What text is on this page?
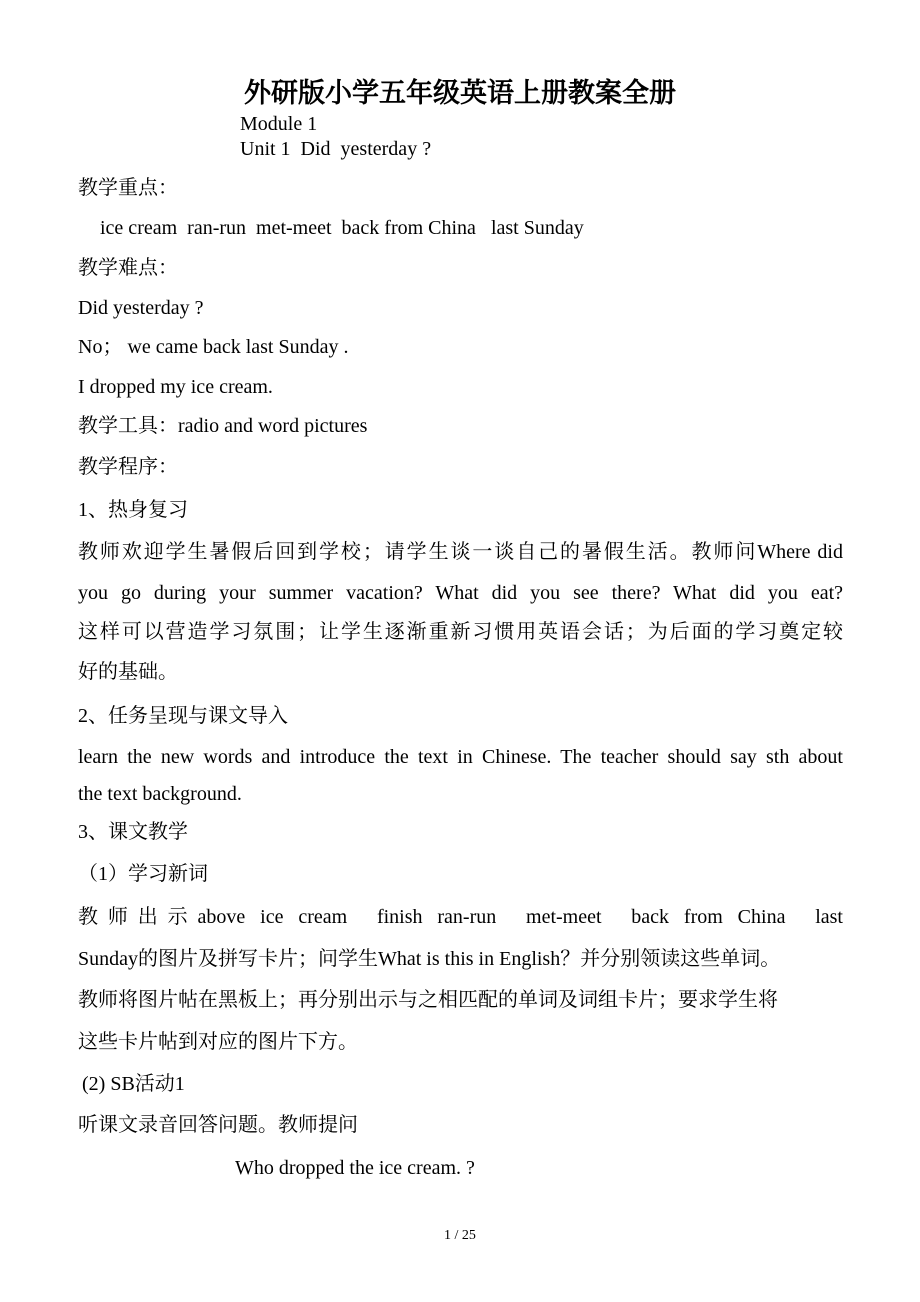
外研版小学五年级英语上册教案全册
Module 1
Unit 1  Did  yesterday ?
教学重点：
ice cream  ran-run  met-meet  back from China   last Sunday
教学难点：
Did yesterday ?
No； we came back last Sunday .
I dropped my ice cream.
教学工具：radio and word pictures
教学程序：
1、热身复习
教师欢迎学生暑假后回到学校；请学生谈一谈自己的暑假生活。教师问Where did
you go during your summer vacation? What did you see there? What did you eat?
这样可以营造学习氛围；让学生逐渐重新习惯用英语会话；为后面的学习奠定较
好的基础。
2、任务呈现与课文导入
learn the new words and introduce the text in Chinese. The teacher should say sth about
the text background.
3、课文教学
（1）学习新词
教师出示above ice cream  finish ran-run  met-meet  back from China  last
Sunday的图片及拼写卡片；问学生What is this in English？并分别领读这些单词。
教师将图片帖在黑板上；再分别出示与之相匹配的单词及词组卡片；要求学生将
这些卡片帖到对应的图片下方。
(2) SB活动1
听课文录音回答问题。教师提问
Who dropped the ice cream. ?
1 / 25
